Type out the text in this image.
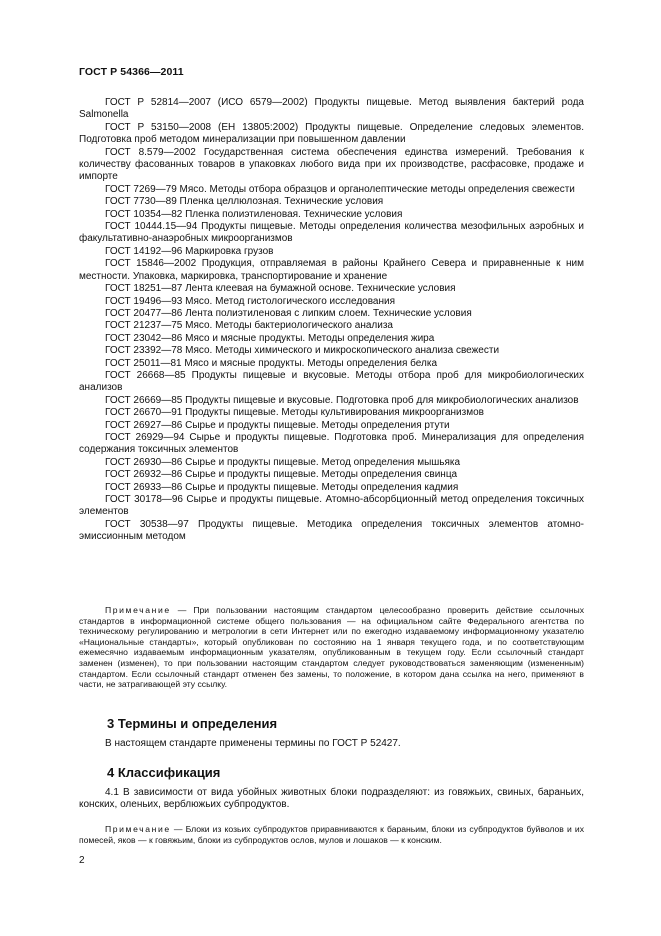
ГОСТ Р 54366—2011

ГОСТ Р 52814—2007 (ИСО 6579—2002) Продукты пищевые. Метод выявления бактерий рода Salmonella

ГОСТ Р 53150—2008 (ЕН 13805:2002) Продукты пищевые. Определение следовых элементов. Подготовка проб методом минерализации при повышенном давлении

ГОСТ 8.579—2002 Государственная система обеспечения единства измерений. Требования к количеству фасованных товаров в упаковках любого вида при их производстве, расфасовке, продаже и импорте

ГОСТ 7269—79 Мясо. Методы отбора образцов и органолептические методы определения свежести

ГОСТ 7730—89 Пленка целлюлозная. Технические условия

ГОСТ 10354—82 Пленка полиэтиленовая. Технические условия

ГОСТ 10444.15—94 Продукты пищевые. Методы определения количества мезофильных аэробных и факультативно-анаэробных микроорганизмов

ГОСТ 14192—96 Маркировка грузов

ГОСТ 15846—2002 Продукция, отправляемая в районы Крайнего Севера и приравненные к ним местности. Упаковка, маркировка, транспортирование и хранение

ГОСТ 18251—87 Лента клеевая на бумажной основе. Технические условия

ГОСТ 19496—93 Мясо. Метод гистологического исследования

ГОСТ 20477—86 Лента полиэтиленовая с липким слоем. Технические условия

ГОСТ 21237—75 Мясо. Методы бактериологического анализа

ГОСТ 23042—86 Мясо и мясные продукты. Методы определения жира

ГОСТ 23392—78 Мясо. Методы химического и микроскопического анализа свежести

ГОСТ 25011—81 Мясо и мясные продукты. Методы определения белка

ГОСТ 26668—85 Продукты пищевые и вкусовые. Методы отбора проб для микробиологических анализов

ГОСТ 26669—85 Продукты пищевые и вкусовые. Подготовка проб для микробиологических анализов

ГОСТ 26670—91 Продукты пищевые. Методы культивирования микроорганизмов

ГОСТ 26927—86 Сырье и продукты пищевые. Методы определения ртути

ГОСТ 26929—94 Сырье и продукты пищевые. Подготовка проб. Минерализация для определения содержания токсичных элементов

ГОСТ 26930—86 Сырье и продукты пищевые. Метод определения мышьяка

ГОСТ 26932—86 Сырье и продукты пищевые. Методы определения свинца

ГОСТ 26933—86 Сырье и продукты пищевые. Методы определения кадмия

ГОСТ 30178—96 Сырье и продукты пищевые. Атомно-абсорбционный метод определения токсичных элементов

ГОСТ 30538—97 Продукты пищевые. Методика определения токсичных элементов атомно-эмиссионным методом

Примечание — При пользовании настоящим стандартом целесообразно проверить действие ссылочных стандартов в информационной системе общего пользования — на официальном сайте Федерального агентства по техническому регулированию и метрологии в сети Интернет или по ежегодно издаваемому информационному указателю «Национальные стандарты», который опубликован по состоянию на 1 января текущего года, и по соответствующим ежемесячно издаваемым информационным указателям, опубликованным в текущем году. Если ссылочный стандарт заменен (изменен), то при пользовании настоящим стандартом следует руководствоваться заменяющим (измененным) стандартом. Если ссылочный стандарт отменен без замены, то положение, в котором дана ссылка на него, применяют в части, не затрагивающей эту ссылку.

3 Термины и определения

В настоящем стандарте применены термины по ГОСТ Р 52427.

4 Классификация

4.1 В зависимости от вида убойных животных блоки подразделяют: из говяжьих, свиных, бараньих, конских, оленьих, верблюжьих субпродуктов.

Примечание — Блоки из козьих субпродуктов приравниваются к бараньим, блоки из субпродуктов буйволов и их помесей, яков — к говяжьим, блоки из субпродуктов ослов, мулов и лошаков — к конским.

2
